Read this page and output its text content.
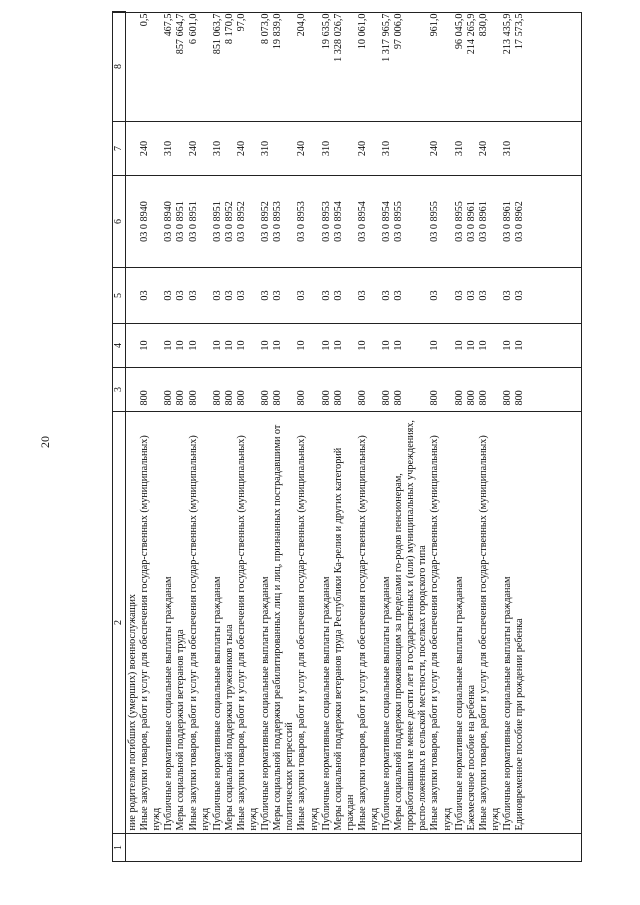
20
1	2	3	4	5	6	7	8
	ние родителям погибших (умерших) военнослужащих						
	Иные закупки товаров, работ и услуг для обеспечения государ-ственных (муниципальных) нужд	800	10	03	03 0 8940	240	0,5
	Публичные нормативные социальные выплаты гражданам	800	10	03	03 0 8940	310	467,5
	Меры социальной поддержки ветеранов труда	800	10	03	03 0 8951		857 664,7
	Иные закупки товаров, работ и услуг для обеспечения государ-ственных (муниципальных) нужд	800	10	03	03 0 8951	240	6 601,0
	Публичные нормативные социальные выплаты гражданам	800	10	03	03 0 8951	310	851 063,7
	Меры социальной поддержки тружеников тыла	800	10	03	03 0 8952		8 170,0
	Иные закупки товаров, работ и услуг для обеспечения государ-ственных (муниципальных) нужд	800	10	03	03 0 8952	240	97,0
	Публичные нормативные социальные выплаты гражданам	800	10	03	03 0 8952	310	8 073,0
	Меры социальной поддержки реабилитированных лиц и лиц, признанных пострадавшими от политических репрессий	800	10	03	03 0 8953		19 839,0
	Иные закупки товаров, работ и услуг для обеспечения государ-ственных (муниципальных) нужд	800	10	03	03 0 8953	240	204,0
	Публичные нормативные социальные выплаты гражданам	800	10	03	03 0 8953	310	19 635,0
	Меры социальной поддержки ветеранов труда Республики Ка-релия и других категорий граждан	800	10	03	03 0 8954		1 328 026,7
	Иные закупки товаров, работ и услуг для обеспечения государ-ственных (муниципальных) нужд	800	10	03	03 0 8954	240	10 061,0
	Публичные нормативные социальные выплаты гражданам	800	10	03	03 0 8954	310	1 317 965,7
	Меры социальной поддержки проживающим за пределами го-родов пенсионерам, проработавшим не менее десяти лет в государственных и (или) муниципальных учреждениях, распо-ложенных в сельской местности, поселках городского типа	800	10	03	03 0 8955		97 006,0
	Иные закупки товаров, работ и услуг для обеспечения государ-ственных (муниципальных) нужд	800	10	03	03 0 8955	240	961,0
	Публичные нормативные социальные выплаты гражданам	800	10	03	03 0 8955	310	96 045,0
	Ежемесячное пособие на ребенка	800	10	03	03 0 8961		214 265,9
	Иные закупки товаров, работ и услуг для обеспечения государ-ственных (муниципальных) нужд	800	10	03	03 0 8961	240	830,0
	Публичные нормативные социальные выплаты гражданам	800	10	03	03 0 8961	310	213 435,9
	Единовременное пособие при рождении ребенка	800	10	03	03 0 8962		17 573,5
